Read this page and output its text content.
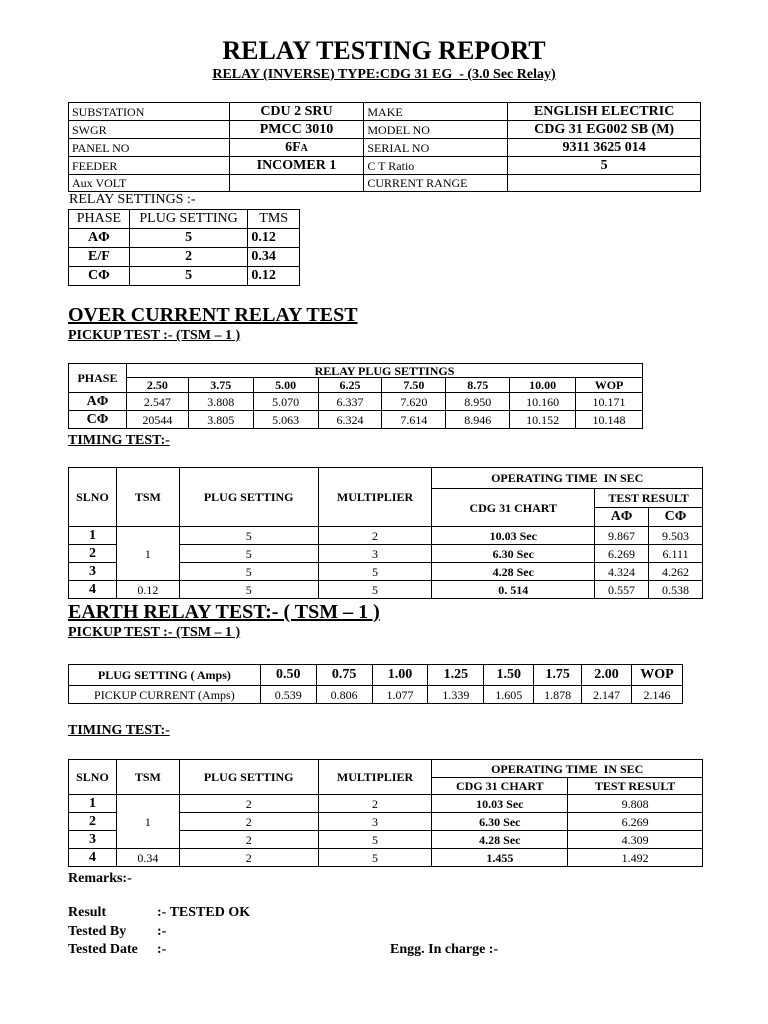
RELAY TESTING REPORT
RELAY (INVERSE) TYPE:CDG 31 EG  - (3.0 Sec Relay)
SUBSTATION	CDU 2 SRU	MAKE	ENGLISH ELECTRIC
SWGR	PMCC 3010	MODEL NO	CDG 31 EG002 SB (M)
PANEL NO	6FA	SERIAL NO	9311 3625 014
FEEDER	INCOMER 1	C T Ratio	5
Aux VOLT		CURRENT RANGE	
RELAY SETTINGS :-
PHASE	PLUG SETTING	TMS
AΦ	5	0.12
E/F	2	0.34
CΦ	5	0.12
OVER CURRENT RELAY TEST
PICKUP TEST :- (TSM – 1 )
PHASE	RELAY PLUG SETTINGS							
	2.50	3.75	5.00	6.25	7.50	8.75	10.00	WOP
AΦ	2.547	3.808	5.070	6.337	7.620	8.950	10.160	10.171
CΦ	20544	3.805	5.063	6.324	7.614	8.946	10.152	10.148
TIMING TEST:-
SLNO	TSM	PLUG SETTING	MULTIPLIER	OPERATING TIME  IN SEC		
				CDG 31 CHART	TEST RESULT	
					AΦ	CΦ
1	1	5	2	10.03 Sec	9.867	9.503
2		5	3	6.30 Sec	6.269	6.111
3		5	5	4.28 Sec	4.324	4.262
4	0.12	5	5	0. 514	0.557	0.538
EARTH RELAY TEST:- ( TSM – 1 )
PICKUP TEST :- (TSM – 1 )
PLUG SETTING ( Amps)	0.50	0.75	1.00	1.25	1.50	1.75	2.00	WOP
PICKUP CURRENT (Amps)	0.539	0.806	1.077	1.339	1.605	1.878	2.147	2.146
TIMING TEST:-
SLNO	TSM	PLUG SETTING	MULTIPLIER	OPERATING TIME  IN SEC	
				CDG 31 CHART	TEST RESULT
1	1	2	2	10.03 Sec	9.808
2		2	3	6.30 Sec	6.269
3		2	5	4.28 Sec	4.309
4	0.34	2	5	1.455	1.492
Remarks:-
Result	:- TESTED OK
Tested By :-
Tested Date :-	Engg. In charge :-
